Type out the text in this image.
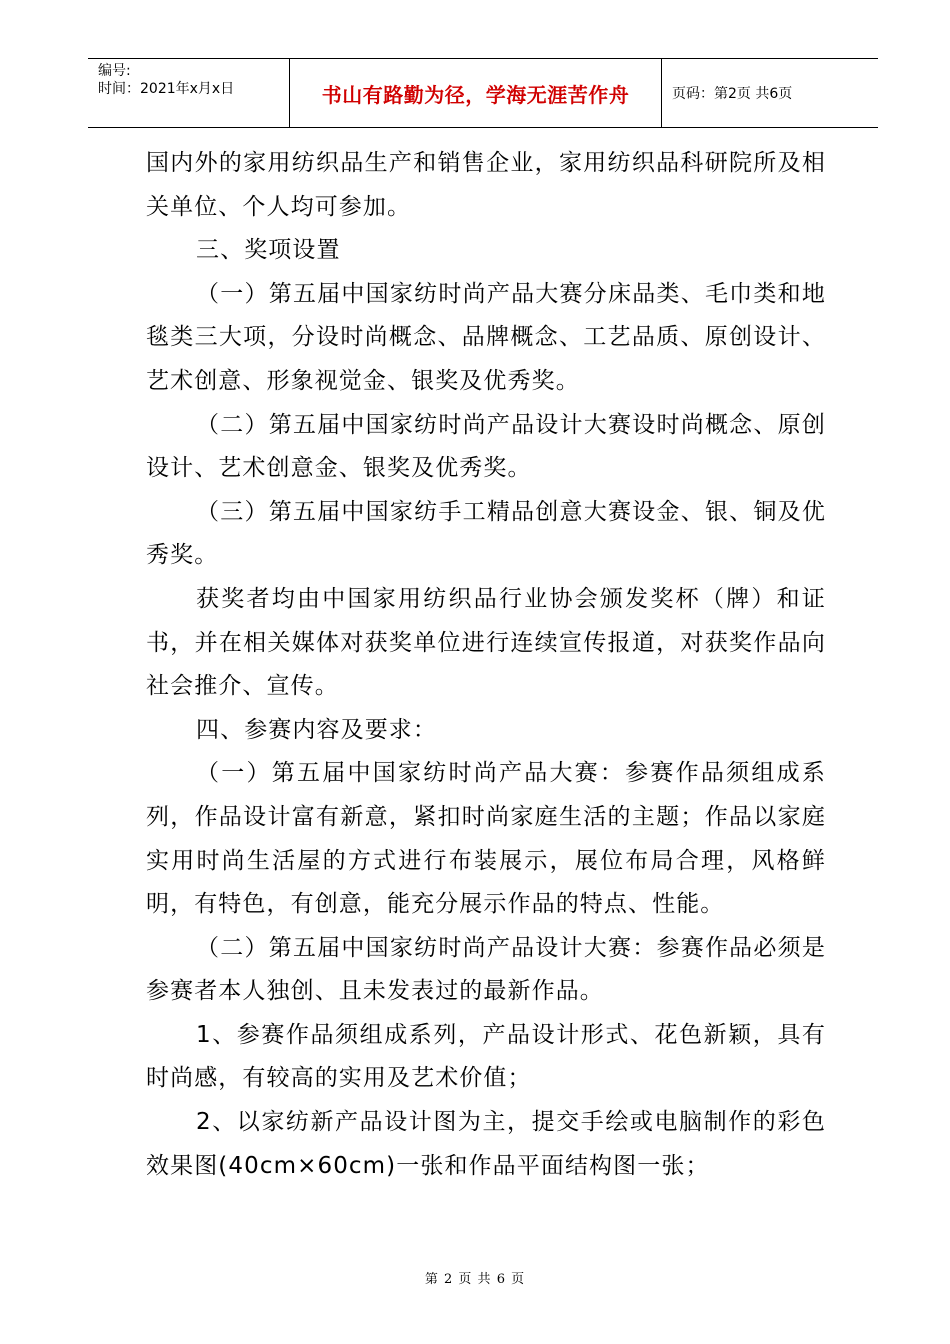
编号:
时间：2021年x月x日	书山有路勤为径，学海无涯苦作舟	页码：第2页 共6页

国内外的家用纺织品生产和销售企业，家用纺织品科研院所及相关单位、个人均可参加。

三、奖项设置

（一）第五届中国家纺时尚产品大赛分床品类、毛巾类和地毯类三大项，分设时尚概念、品牌概念、工艺品质、原创设计、艺术创意、形象视觉金、银奖及优秀奖。

（二）第五届中国家纺时尚产品设计大赛设时尚概念、原创设计、艺术创意金、银奖及优秀奖。

（三）第五届中国家纺手工精品创意大赛设金、银、铜及优秀奖。

获奖者均由中国家用纺织品行业协会颁发奖杯（牌）和证书，并在相关媒体对获奖单位进行连续宣传报道，对获奖作品向社会推介、宣传。

四、参赛内容及要求：

（一）第五届中国家纺时尚产品大赛：参赛作品须组成系列，作品设计富有新意，紧扣时尚家庭生活的主题；作品以家庭实用时尚生活屋的方式进行布装展示，展位布局合理，风格鲜明，有特色，有创意，能充分展示作品的特点、性能。

（二）第五届中国家纺时尚产品设计大赛：参赛作品必须是参赛者本人独创、且未发表过的最新作品。

1、参赛作品须组成系列，产品设计形式、花色新颖，具有时尚感，有较高的实用及艺术价值；

2、以家纺新产品设计图为主，提交手绘或电脑制作的彩色效果图(40cm×60cm)一张和作品平面结构图一张；

第 2 页 共 6 页
